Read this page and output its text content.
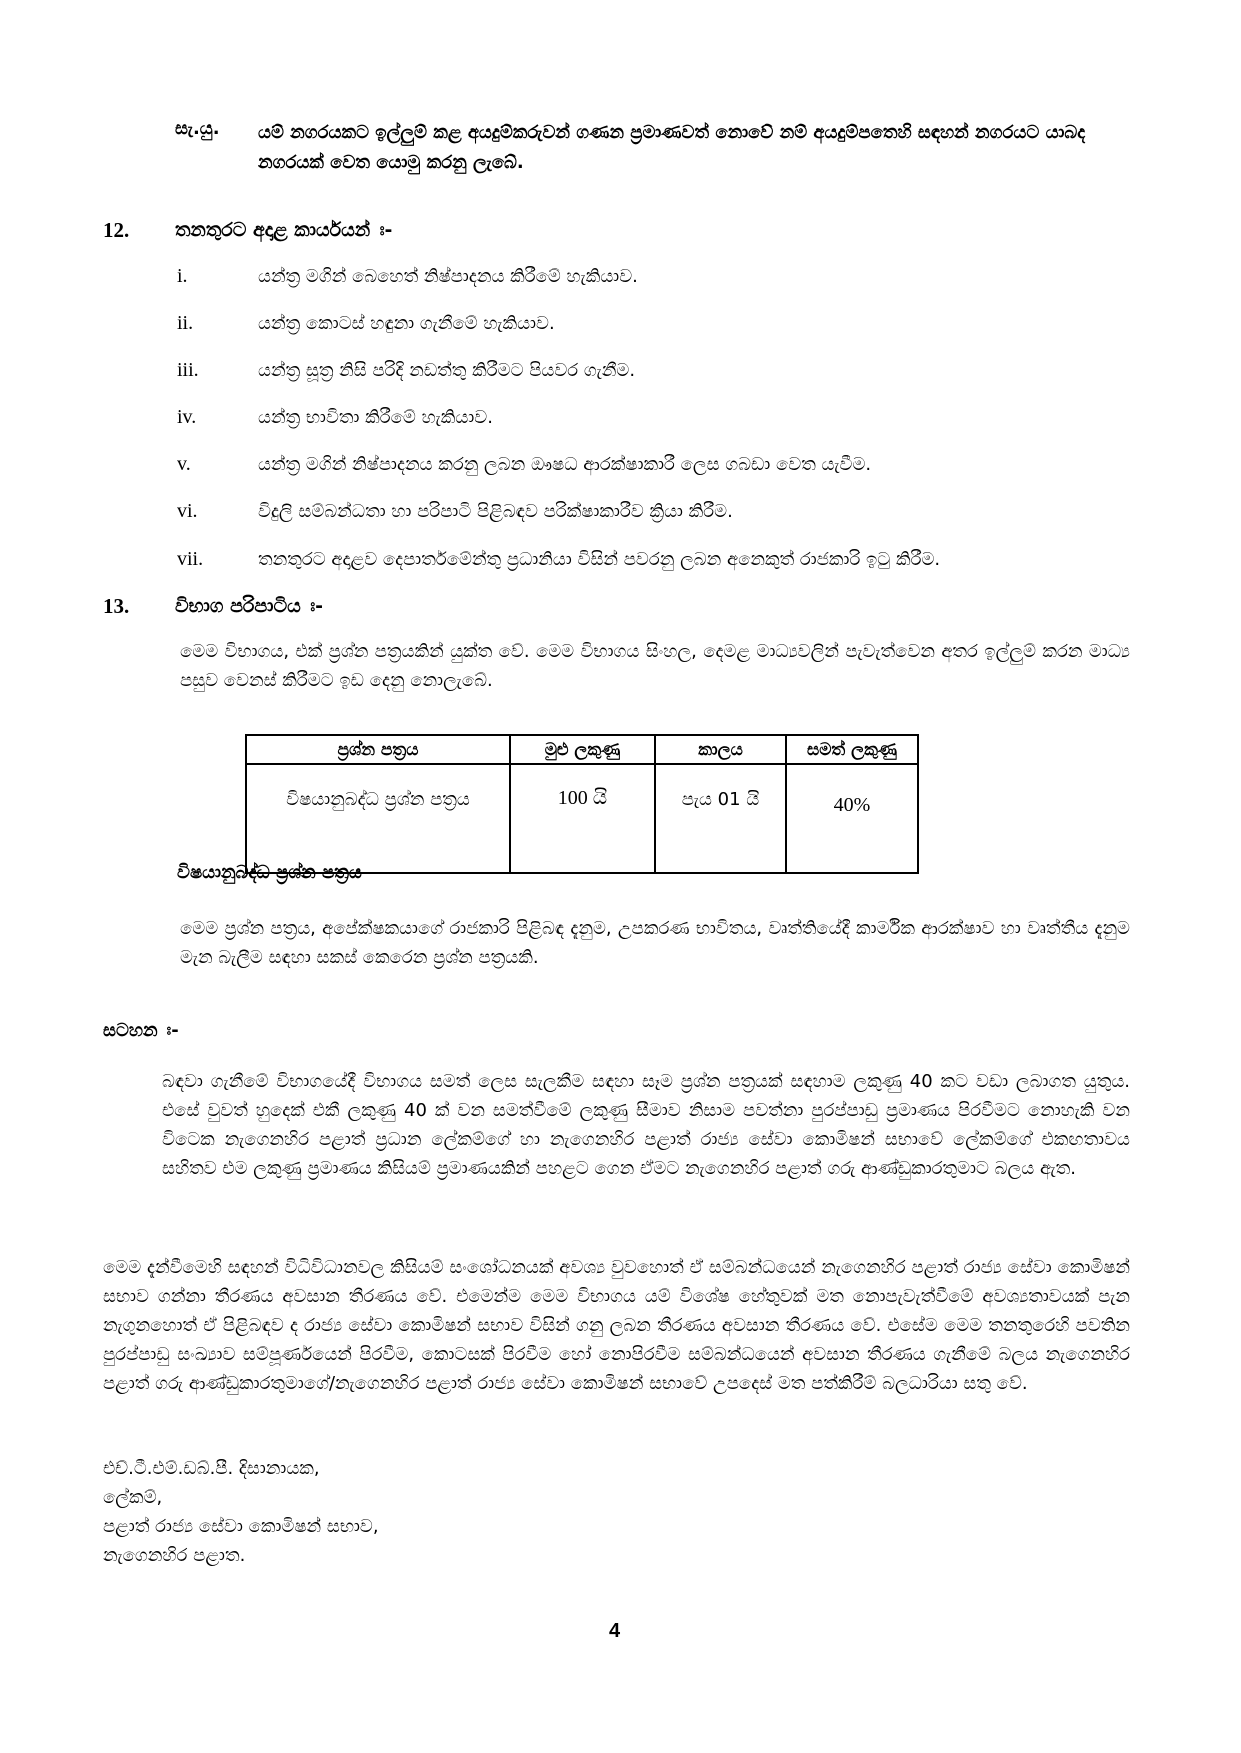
සැ.යු. යම් නගරයකට ඉල්ලුම් කළ අයදුම්කරුවන් ගණන ප්‍රමාණවත් නොවේ නම් අයදුම්පතෙහි සඳහන් නගරයට යාබද නගරයක් වෙත යොමු කරනු ලැබේ.
12. තනතුරට අදාළ කාර්යයන් ඃ-
i.	යන්ත්‍ර මගින් බෙහෙත් නිෂ්පාදනය කිරීමේ හැකියාව.
ii.	යන්ත්‍ර කොටස් හඳුනා ගැනීමේ හැකියාව.
iii.	යන්ත්‍ර සූත්‍ර නිසි පරිදි නඩත්තු කිරීමට පියවර ගැනීම.
iv.	යන්ත්‍ර භාවිතා කිරීමේ හැකියාව.
v.	යන්ත්‍ර මගින් නිෂ්පාදනය කරනු ලබන ඖෂධ ආරක්ෂාකාරී ලෙස ගබඩා වෙත යැවීම.
vi.	විදුලි සම්බන්ධතා හා පරිපාටි පිළිබඳව පරික්ෂාකාරීව ක්‍රියා කිරීම.
vii.	තනතුරට අදාළව දෙපාර්තමේන්තු ප්‍රධානියා විසින් පවරනු ලබන අනෙකුත් රාජකාරි ඉටු කිරීම.
13. විභාග පරිපාටිය ඃ-
මෙම විභාගය, එක් ප්‍රශ්න පත්‍රයකින් යුක්ත වේ. මෙම විභාගය සිංහල, දෙමළ මාධ්‍යවලින් පැවැත්වෙන අතර ඉල්ලුම් කරන මාධ්‍ය පසුව වෙනස් කිරීමට ඉඩ දෙනු නොලැබේ.
ප්‍රශ්න පත්‍රය	මුළු ලකුණු	කාලය	සමත් ලකුණු
විෂයානුබද්ධ ප්‍රශ්න පත්‍රය	100 යි	පැය 01 යි	40%
විෂයානුබද්ධ ප්‍රශ්න පත්‍රය
මෙම ප්‍රශ්න පත්‍රය, අපේක්ෂකයාගේ රාජකාරි පිළිබඳ දැනුම, උපකරණ භාවිතය, වෘත්තියේදී කාර්මික ආරක්ෂාව හා වෘත්තීය දැනුම මැන බැලීම සඳහා සකස් කෙරෙන ප්‍රශ්න පත්‍රයකි.
සටහන ඃ-
බඳවා ගැනීමේ විභාගයේදී විභාගය සමත් ලෙස සැලකීම සඳහා සෑම ප්‍රශ්න පත්‍රයක් සඳහාම ලකුණු 40 කට වඩා ලබාගත යුතුය. එසේ වුවත් හුදෙක් එකී ලකුණු 40 ක් වන සමත්වීමේ ලකුණු සීමාව නිසාම පවත්නා පුරප්පාඩු ප්‍රමාණය පිරවීමට නොහැකි වන විටෙක නැගෙනහිර පළාත් ප්‍රධාන ලේකම්ගේ හා නැගෙනහිර පළාත් රාජ්‍ය සේවා කොමිෂන් සභාවේ ලේකම්ගේ එකඟතාවය සහිතව එම ලකුණු ප්‍රමාණය කිසියම් ප්‍රමාණයකින් පහළට ගෙන ඒමට නැගෙනහිර පළාත් ගරු ආණ්ඩුකාරතුමාට බලය ඇත.
මෙම දැන්වීමෙහි සඳහන් විධිවිධානවල කිසියම් සංශෝධනයක් අවශ්‍ය වුවහොත් ඒ සම්බන්ධයෙන් නැගෙනහිර පළාත් රාජ්‍ය සේවා කොමිෂන් සභාව ගන්නා තීරණය අවසාන තීරණය වේ. එමෙන්ම මෙම විභාගය යම් විශේෂ හේතුවක් මත නොපැවැත්වීමේ අවශ්‍යතාවයක් පැන නැගුනහොත් ඒ පිළිබඳව ද රාජ්‍ය සේවා කොමිෂන් සභාව විසින් ගනු ලබන තීරණය අවසාන තීරණය වේ. එසේම මෙම තනතුරෙහි පවතින පුරප්පාඩු සංඛ්‍යාව සම්පූර්ණයෙන් පිරවීම, කොටසක් පිරවීම හෝ නොපිරවීම සම්බන්ධයෙන් අවසාන තීරණය ගැනීමේ බලය නැගෙනහිර පළාත් ගරු ආණ්ඩුකාරතුමාගේ/නැගෙනහිර පළාත් රාජ්‍ය සේවා කොමිෂන් සභාවේ උපදෙස් මත පත්කිරීම් බලධාරියා සතු වේ.
එච්.ටී.එම්.ඩබ්.පී. දිසානායක,
ලේකම්,
පළාත් රාජ්‍ය සේවා කොමිෂන් සභාව,
නැගෙනහිර පළාත.
4
